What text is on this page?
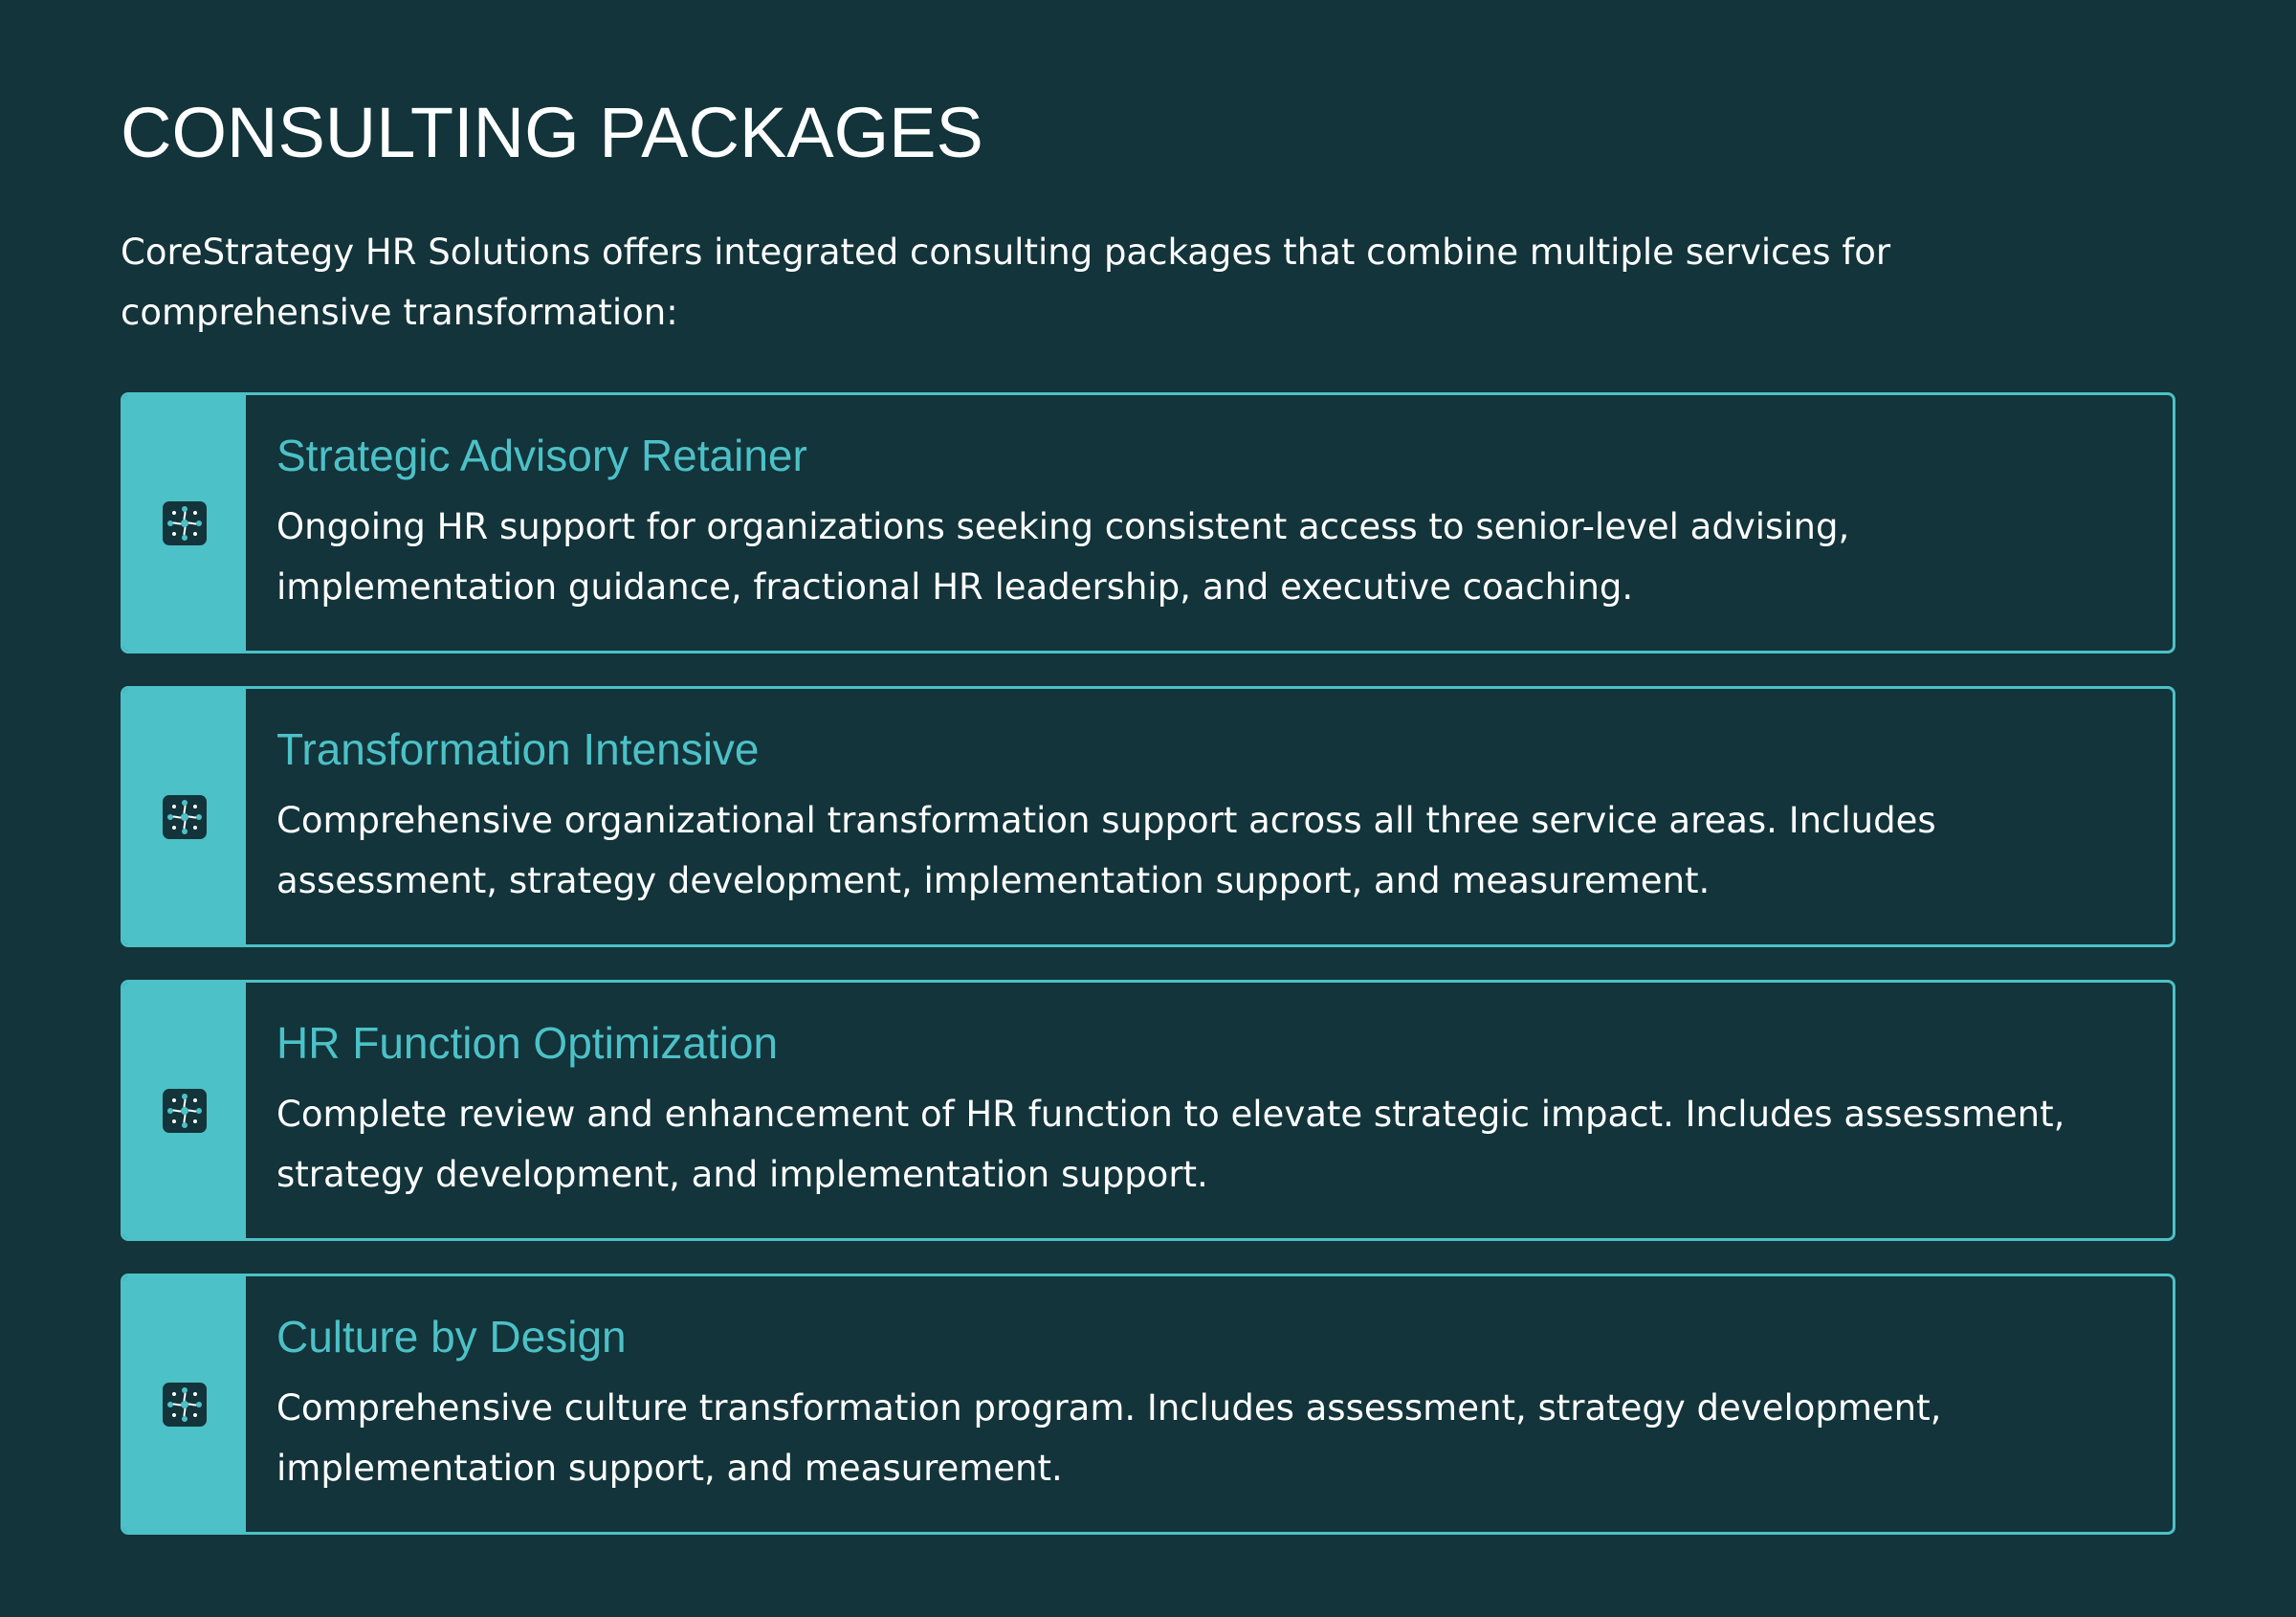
CONSULTING PACKAGES

CoreStrategy HR Solutions offers integrated consulting packages that combine multiple services for comprehensive transformation:

Strategic Advisory Retainer

Ongoing HR support for organizations seeking consistent access to senior-level advising, implementation guidance, fractional HR leadership, and executive coaching.

Transformation Intensive

Comprehensive organizational transformation support across all three service areas. Includes assessment, strategy development, implementation support, and measurement.

HR Function Optimization

Complete review and enhancement of HR function to elevate strategic impact. Includes assessment, strategy development, and implementation support.

Culture by Design

Comprehensive culture transformation program. Includes assessment, strategy development, implementation support, and measurement.
